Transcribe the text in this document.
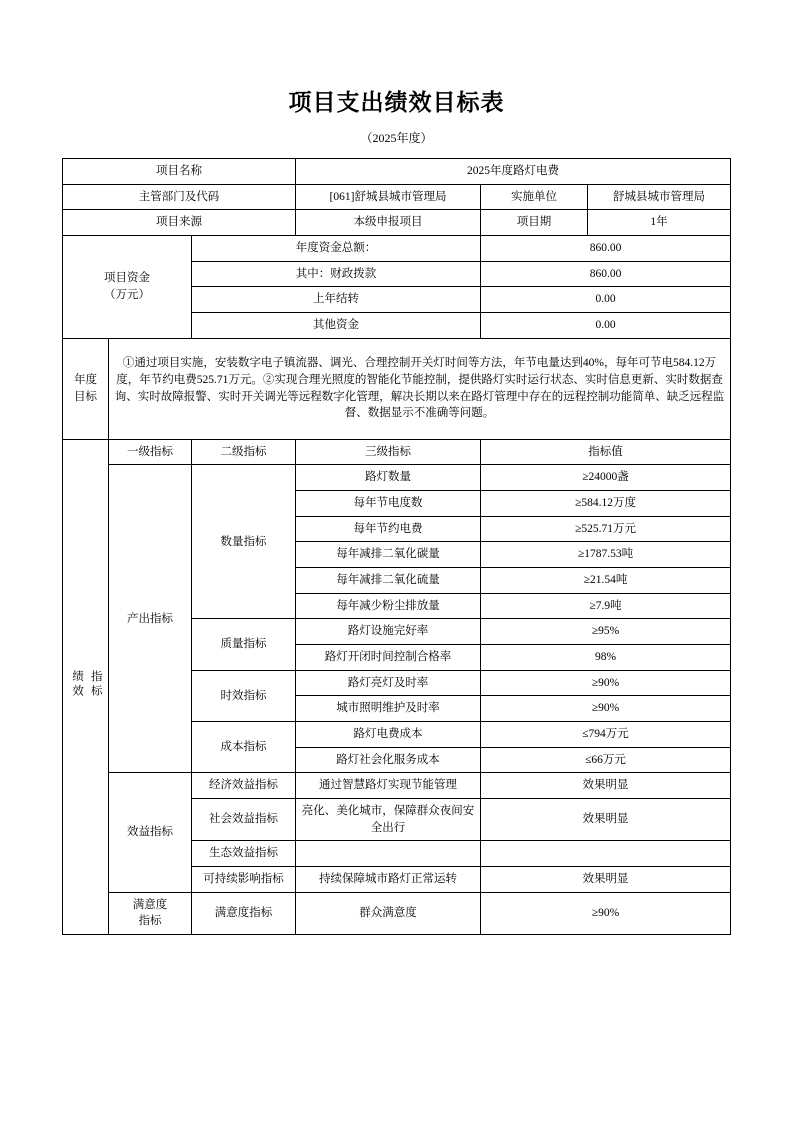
项目支出绩效目标表
（2025年度）
项目名称			2025年度路灯电费		
主管部门及代码			[061]舒城县城市管理局	实施单位	舒城县城市管理局
项目来源			本级申报项目	项目期	1年

项目资金
（万元）		年度资金总额：		860.00	
		其中：财政拨款		860.00	
		上年结转		0.00	
		其他资金		0.00	

年度
目标	①通过项目实施，安装数字电子镇流器、调光、合理控制开关灯时间等方法，年节电量达到40%，每年可节电584.12万度，年节约电费525.71万元。②实现合理光照度的智能化节能控制，提供路灯实时运行状态、实时信息更新、实时数据查询、实时故障报警、实时开关调光等远程数字化管理，解决长期以来在路灯管理中存在的远程控制功能简单、缺乏远程监督、数据显示不准确等问题。				
绩效 指标	一级指标	二级指标	三级指标	指标值	
	产出指标	数量指标	路灯数量	≥24000盏	
			每年节电度数	≥584.12万度	
			每年节约电费	≥525.71万元	
			每年减排二氧化碳量	≥1787.53吨	
			每年减排二氧化硫量	≥21.54吨	
			每年减少粉尘排放量	≥7.9吨	
		质量指标	路灯设施完好率	≥95%	
			路灯开闭时间控制合格率	98%	
		时效指标	路灯亮灯及时率	≥90%	
			城市照明维护及时率	≥90%	
		成本指标	路灯电费成本	≤794万元	
			路灯社会化服务成本	≤66万元	
	效益指标	经济效益指标	通过智慧路灯实现节能管理	效果明显	
		社会效益指标	亮化、美化城市，保障群众夜间安全出行	效果明显	
		生态效益指标			
		可持续影响指标	持续保障城市路灯正常运转	效果明显	

	满意度
指标	满意度指标	群众满意度	≥90%	
